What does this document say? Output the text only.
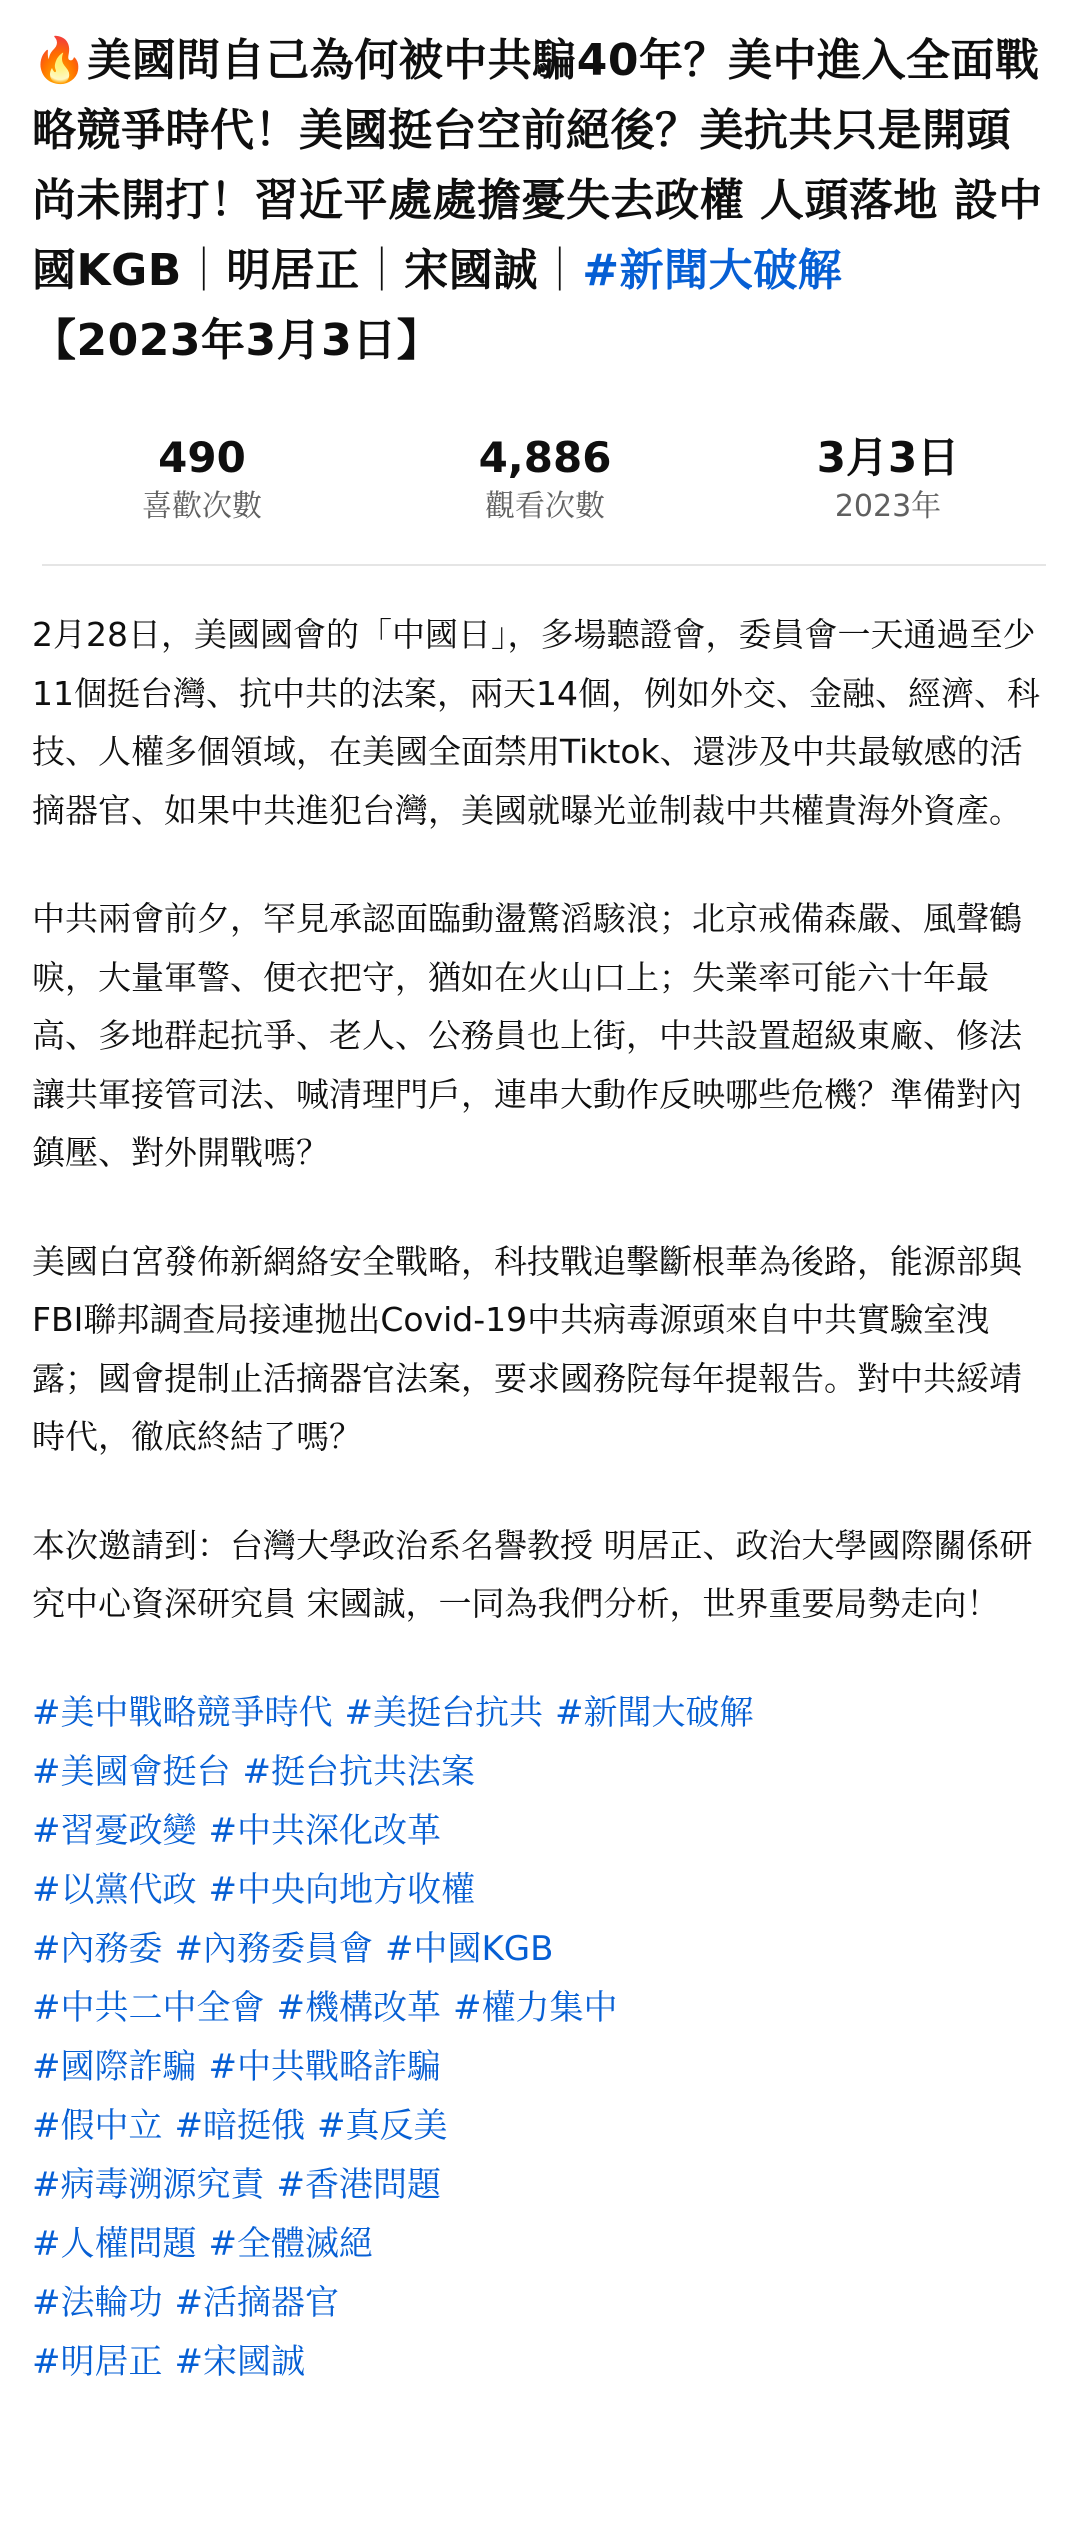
🔥美國問自己為何被中共騙40年？美中進入全面戰略競爭時代！美國挺台空前絕後？美抗共只是開頭尚未開打！習近平處處擔憂失去政權 人頭落地 設中國KGB｜明居正｜宋國誠｜#新聞大破解
【2023年3月3日】
490
喜歡次數
4,886
觀看次數
3月3日
2023年

2月28日，美國國會的「中國日」，多場聽證會，委員會一天通過至少11個挺台灣、抗中共的法案，兩天14個，例如外交、金融、經濟、科技、人權多個領域，在美國全面禁用Tiktok、還涉及中共最敏感的活摘器官、如果中共進犯台灣，美國就曝光並制裁中共權貴海外資產。

中共兩會前夕，罕見承認面臨動盪驚滔駭浪；北京戒備森嚴、風聲鶴唳，大量軍警、便衣把守，猶如在火山口上；失業率可能六十年最高、多地群起抗爭、老人、公務員也上街，中共設置超級東廠、修法讓共軍接管司法、喊清理門戶，連串大動作反映哪些危機？準備對內鎮壓、對外開戰嗎？

美國白宮發佈新網絡安全戰略，科技戰追擊斷根華為後路，能源部與FBI聯邦調查局接連拋出Covid-19中共病毒源頭來自中共實驗室洩露；國會提制止活摘器官法案，要求國務院每年提報告。對中共綏靖時代，徹底終結了嗎？

本次邀請到：台灣大學政治系名譽教授 明居正、政治大學國際關係研究中心資深研究員 宋國誠，一同為我們分析，世界重要局勢走向！

#美中戰略競爭時代 #美挺台抗共 #新聞大破解
#美國會挺台 #挺台抗共法案
#習憂政變 #中共深化改革
#以黨代政 #中央向地方收權
#內務委 #內務委員會 #中國KGB
#中共二中全會 #機構改革 #權力集中
#國際詐騙 #中共戰略詐騙
#假中立 #暗挺俄 #真反美
#病毒溯源究責 #香港問題
#人權問題 #全體滅絕
#法輪功 #活摘器官
#明居正 #宋國誠
